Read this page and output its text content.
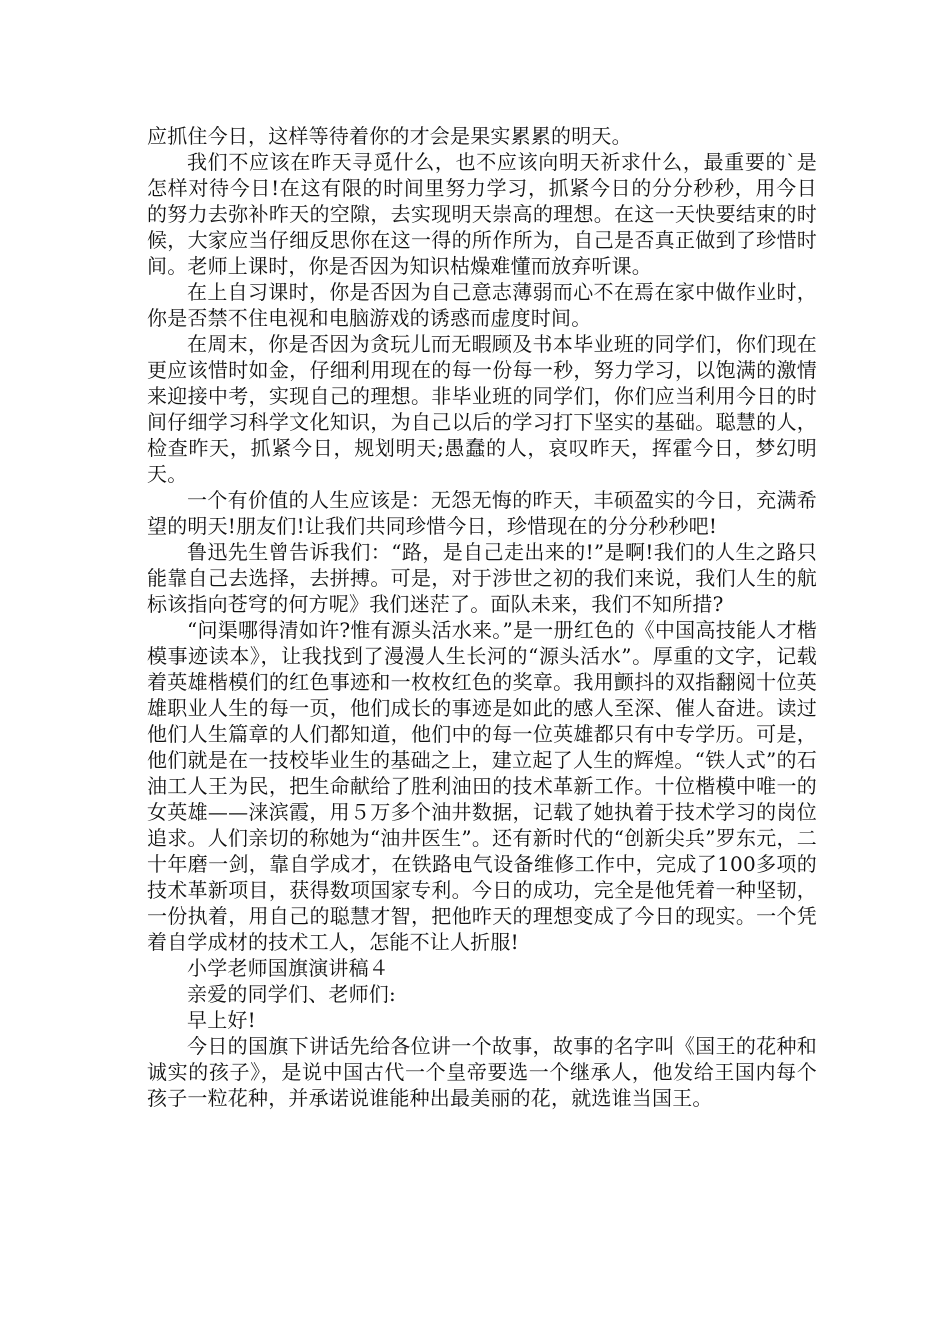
应抓住今日，这样等待着你的才会是果实累累的明天。

我们不应该在昨天寻觅什么，也不应该向明天祈求什么，最重要的`是怎样对待今日!在这有限的时间里努力学习，抓紧今日的分分秒秒，用今日的努力去弥补昨天的空隙，去实现明天崇高的理想。在这一天快要结束的时候，大家应当仔细反思你在这一得的所作所为，自己是否真正做到了珍惜时间。老师上课时，你是否因为知识枯燥难懂而放弃听课。

在上自习课时，你是否因为自己意志薄弱而心不在焉在家中做作业时，你是否禁不住电视和电脑游戏的诱惑而虚度时间。

在周末，你是否因为贪玩儿而无暇顾及书本毕业班的同学们，你们现在更应该惜时如金，仔细利用现在的每一份每一秒，努力学习，以饱满的激情来迎接中考，实现自己的理想。非毕业班的同学们，你们应当利用今日的时间仔细学习科学文化知识，为自己以后的学习打下坚实的基础。聪慧的人，检查昨天，抓紧今日，规划明天;愚蠢的人，哀叹昨天，挥霍今日，梦幻明天。

一个有价值的人生应该是：无怨无悔的昨天，丰硕盈实的今日，充满希望的明天!朋友们!让我们共同珍惜今日，珍惜现在的分分秒秒吧!

鲁迅先生曾告诉我们：“路，是自己走出来的!”是啊!我们的人生之路只能靠自己去选择，去拼搏。可是，对于涉世之初的我们来说，我们人生的航标该指向苍穹的何方呢》我们迷茫了。面队未来，我们不知所措?

“问渠哪得清如许?惟有源头活水来。”是一册红色的《中国高技能人才楷模事迹读本》，让我找到了漫漫人生长河的“源头活水”。厚重的文字，记载着英雄楷模们的红色事迹和一枚枚红色的奖章。我用颤抖的双指翻阅十位英雄职业人生的每一页，他们成长的事迹是如此的感人至深、催人奋进。读过他们人生篇章的人们都知道，他们中的每一位英雄都只有中专学历。可是，他们就是在一技校毕业生的基础之上，建立起了人生的辉煌。“铁人式”的石油工人王为民，把生命献给了胜利油田的技术革新工作。十位楷模中唯一的女英雄——涞滨霞，用５万多个油井数据，记载了她执着于技术学习的岗位追求。人们亲切的称她为“油井医生”。还有新时代的“创新尖兵”罗东元，二十年磨一剑，靠自学成才，在铁路电气设备维修工作中，完成了100多项的技术革新项目，获得数项国家专利。今日的成功，完全是他凭着一种坚韧，一份执着，用自己的聪慧才智，把他昨天的理想变成了今日的现实。一个凭着自学成材的技术工人，怎能不让人折服!

小学老师国旗演讲稿４

亲爱的同学们、老师们:

早上好!

今日的国旗下讲话先给各位讲一个故事，故事的名字叫《国王的花种和诚实的孩子》，是说中国古代一个皇帝要选一个继承人，他发给王国内每个孩子一粒花种，并承诺说谁能种出最美丽的花，就选谁当国王。
